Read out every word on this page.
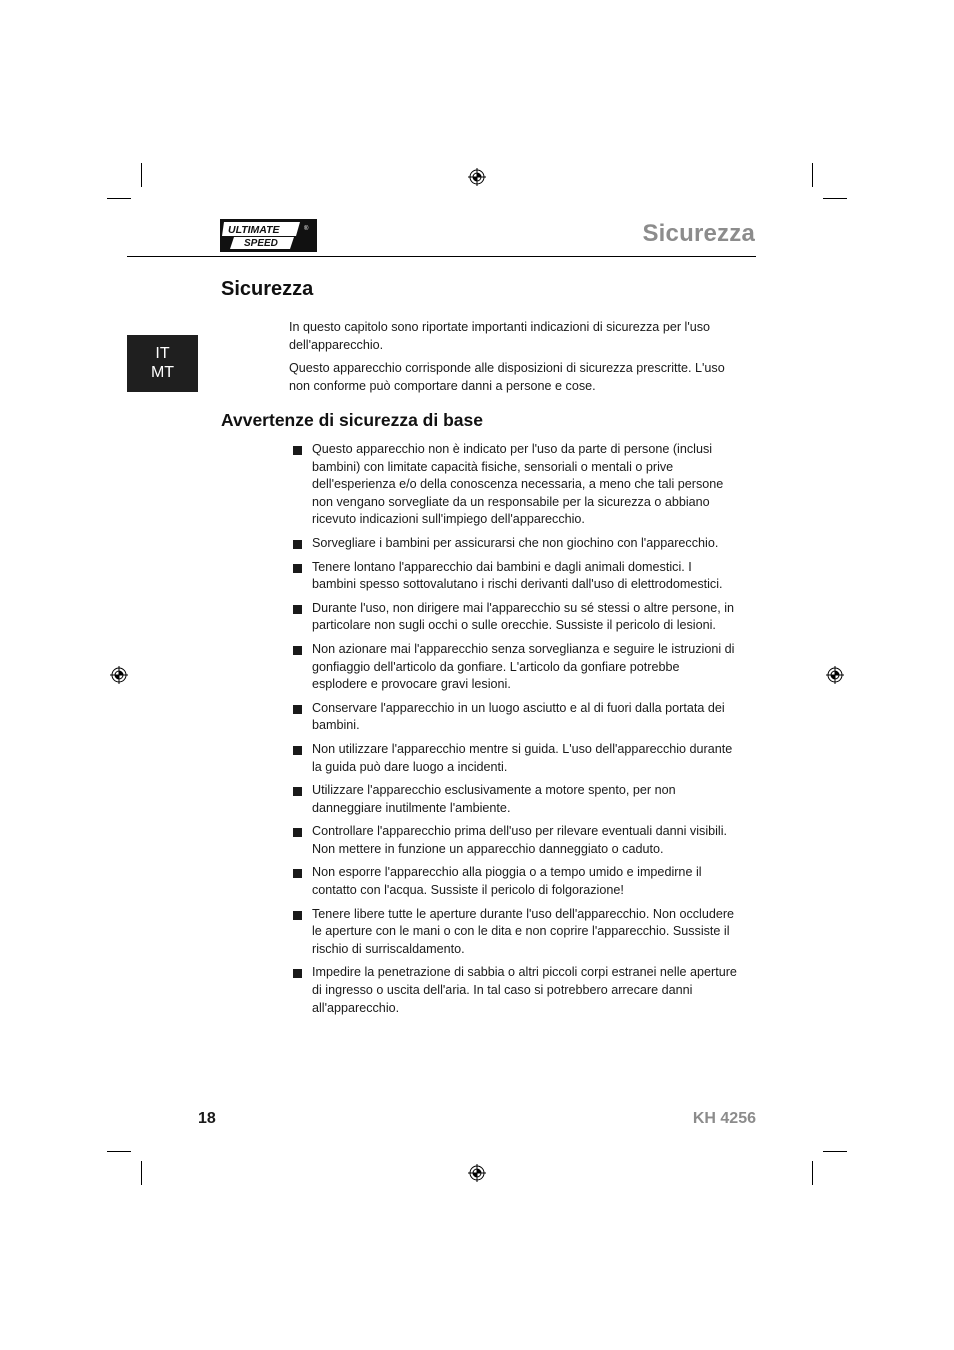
ULTIMATE
SPEED
®	Sicurezza
Sicurezza
IT
MT

In questo capitolo sono riportate importanti indicazioni di sicurezza per l'uso dell'apparecchio.

Questo apparecchio corrisponde alle disposizioni di sicurezza prescritte. L'uso non conforme può comportare danni a persone e cose.

Avvertenze di sicurezza di base
Questo apparecchio non è indicato per l'uso da parte di persone (inclusi bambini) con limitate capacità fisiche, sensoriali o mentali o prive dell'esperienza e/o della conoscenza necessaria, a meno che tali persone non vengano sorvegliate da un responsabile per la sicurezza o abbiano ricevuto indicazioni sull'impiego dell'apparecchio.
Sorvegliare i bambini per assicurarsi che non giochino con l'apparecchio.
Tenere lontano l'apparecchio dai bambini e dagli animali domestici. I bambini spesso sottovalutano i rischi derivanti dall'uso di elettrodomestici.
Durante l'uso, non dirigere mai l'apparecchio su sé stessi o altre persone, in particolare non sugli occhi o sulle orecchie. Sussiste il pericolo di lesioni.
Non azionare mai l'apparecchio senza sorveglianza e seguire le istruzioni di gonfiaggio dell'articolo da gonfiare. L'articolo da gonfiare potrebbe esplodere e provocare gravi lesioni.
Conservare l'apparecchio in un luogo asciutto e al di fuori dalla portata dei bambini.
Non utilizzare l'apparecchio mentre si guida. L'uso dell'apparecchio durante la guida può dare luogo a incidenti.
Utilizzare l'apparecchio esclusivamente a motore spento, per non danneggiare inutilmente l'ambiente.
Controllare l'apparecchio prima dell'uso per rilevare eventuali danni visibili. Non mettere in funzione un apparecchio danneggiato o caduto.
Non esporre l'apparecchio alla pioggia o a tempo umido e impedirne il contatto con l'acqua. Sussiste il pericolo di folgorazione!
Tenere libere tutte le aperture durante l'uso dell'apparecchio. Non occludere le aperture con le mani o con le dita e non coprire l'apparecchio. Sussiste il rischio di surriscaldamento.
Impedire la penetrazione di sabbia o altri piccoli corpi estranei nelle aperture di ingresso o uscita dell'aria. In tal caso si potrebbero arrecare danni all'apparecchio.
18	KH 4256
